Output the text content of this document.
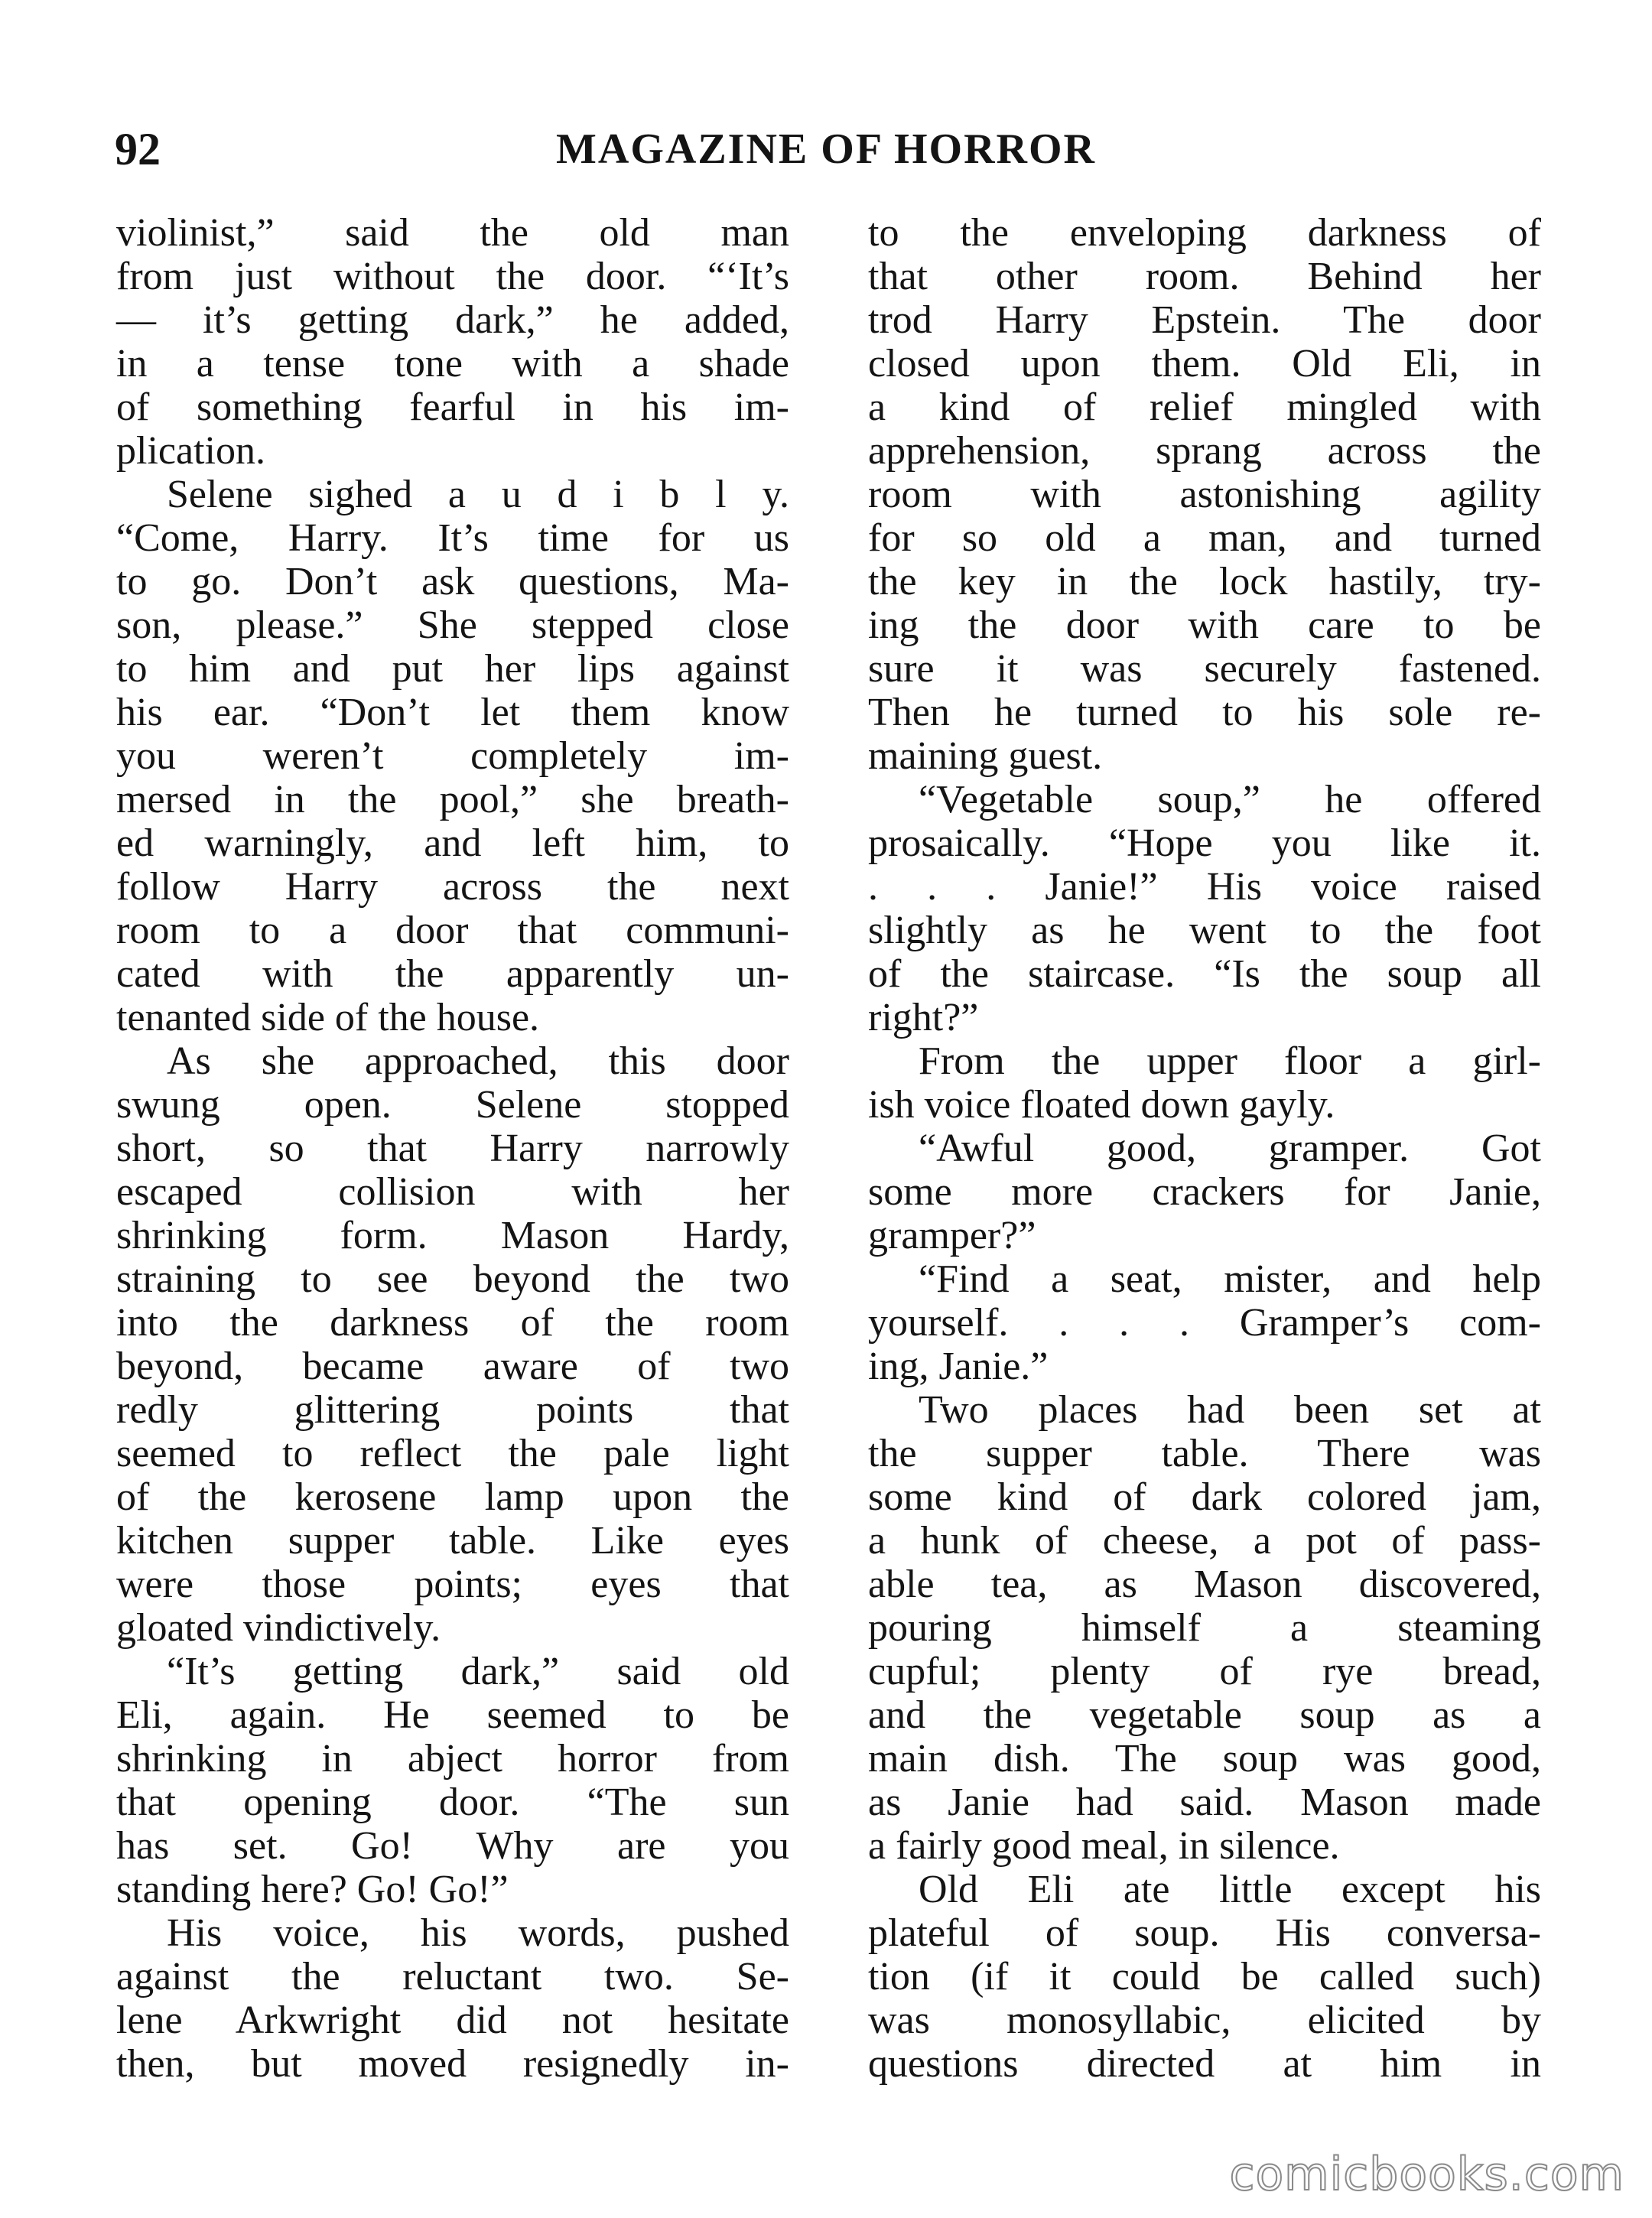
92	MAGAZINE OF HORROR
violinist,” said the old man
from just without the door. “‘It’s
— it’s getting dark,” he added,
in a tense tone with a shade
of something fearful in his im-
plication.
Selene sighed a u d i b l y.
“Come, Harry. It’s time for us
to go. Don’t ask questions, Ma-
son, please.” She stepped close
to him and put her lips against
his ear. “Don’t let them know
you weren’t completely im-
mersed in the pool,” she breath-
ed warningly, and left him, to
follow Harry across the next
room to a door that communi-
cated with the apparently un-
tenanted side of the house.
As she approached, this door
swung open. Selene stopped
short, so that Harry narrowly
escaped collision with her
shrinking form. Mason Hardy,
straining to see beyond the two
into the darkness of the room
beyond, became aware of two
redly glittering points that
seemed to reflect the pale light
of the kerosene lamp upon the
kitchen supper table. Like eyes
were those points; eyes that
gloated vindictively.
“It’s getting dark,” said old
Eli, again. He seemed to be
shrinking in abject horror from
that opening door. “The sun
has set. Go! Why are you
standing here? Go! Go!”
His voice, his words, pushed
against the reluctant two. Se-
lene Arkwright did not hesitate
then, but moved resignedly in-
to the enveloping darkness of
that other room. Behind her
trod Harry Epstein. The door
closed upon them. Old Eli, in
a kind of relief mingled with
apprehension, sprang across the
room with astonishing agility
for so old a man, and turned
the key in the lock hastily, try-
ing the door with care to be
sure it was securely fastened.
Then he turned to his sole re-
maining guest.
“Vegetable soup,” he offered
prosaically. “Hope you like it.
. . . Janie!” His voice raised
slightly as he went to the foot
of the staircase. “Is the soup all
right?”
From the upper floor a girl-
ish voice floated down gayly.
“Awful good, gramper. Got
some more crackers for Janie,
gramper?”
“Find a seat, mister, and help
yourself. . . . Gramper’s com-
ing, Janie.”
Two places had been set at
the supper table. There was
some kind of dark colored jam,
a hunk of cheese, a pot of pass-
able tea, as Mason discovered,
pouring himself a steaming
cupful; plenty of rye bread,
and the vegetable soup as a
main dish. The soup was good,
as Janie had said. Mason made
a fairly good meal, in silence.
Old Eli ate little except his
plateful of soup. His conversa-
tion (if it could be called such)
was monosyllabic, elicited by
questions directed at him in
comicbooks.com
